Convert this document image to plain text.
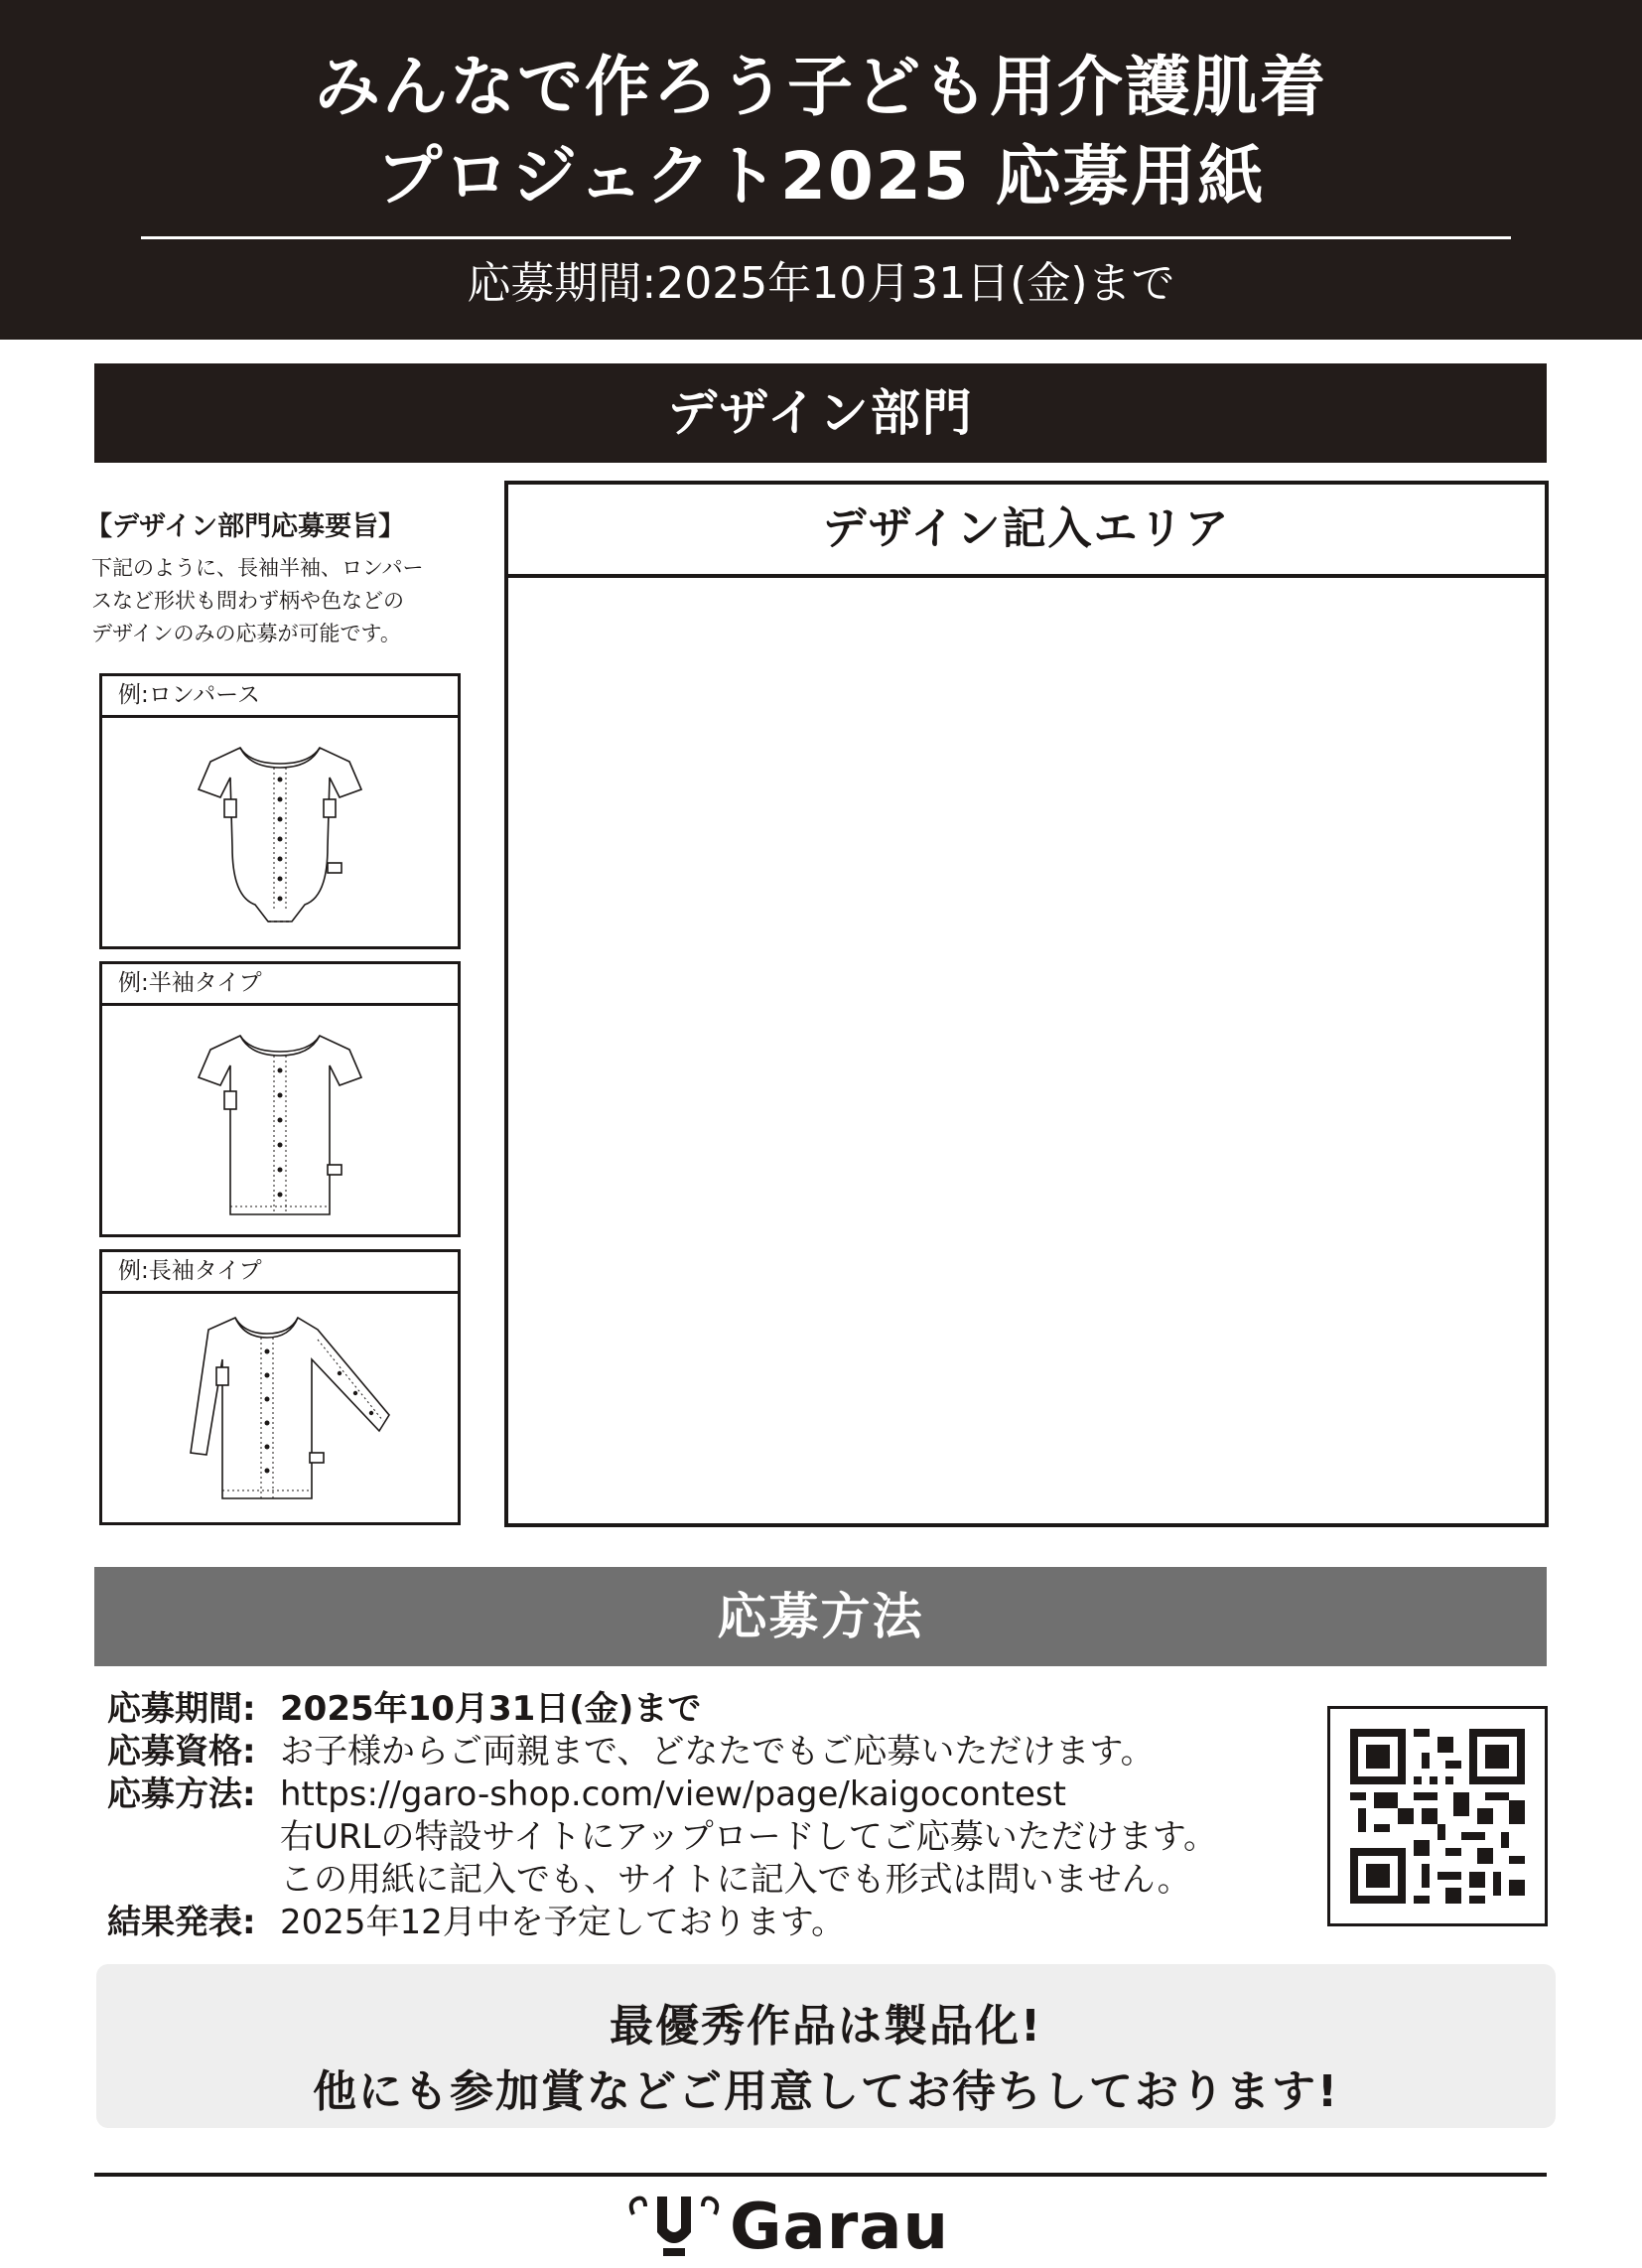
みんなで作ろう子ども用介護肌着
プロジェクト2025 応募用紙
応募期間:2025年10月31日(金)まで
デザイン部門
【デザイン部門応募要旨】
下記のように、長袖半袖、ロンパー
スなど形状も問わず柄や色などの
デザインのみの応募が可能です。
例:ロンパース
例:半袖タイプ
例:長袖タイプ
デザイン記入エリア
応募方法
応募期間: 2025年10月31日(金)まで
応募資格: お子様からご両親まで、どなたでもご応募いただけます。
応募方法: https://garo-shop.com/view/page/kaigocontest
右URLの特設サイトにアップロードしてご応募いただけます。
この用紙に記入でも、サイトに記入でも形式は問いません。
結果発表: 2025年12月中を予定しております。
最優秀作品は製品化!
他にも参加賞などご用意してお待ちしております!
Garau
